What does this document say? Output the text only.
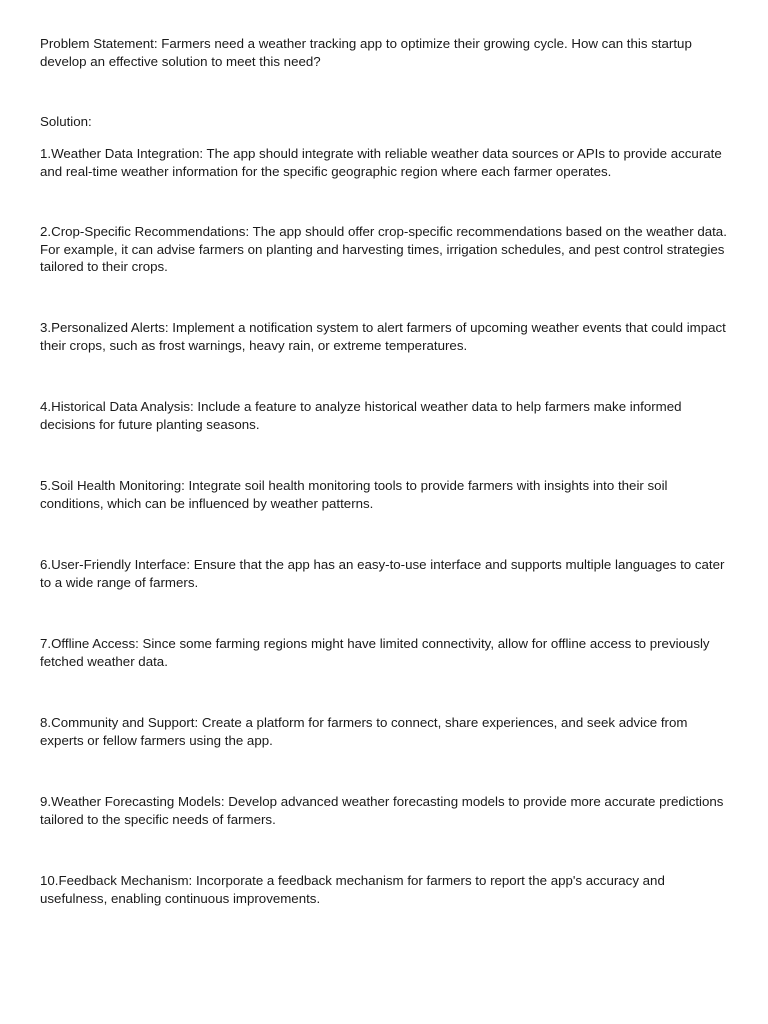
Problem Statement: Farmers need a weather tracking app to optimize their growing cycle. How can this startup develop an effective solution to meet this need?

Solution:

1.Weather Data Integration: The app should integrate with reliable weather data sources or APIs to provide accurate and real-time weather information for the specific geographic region where each farmer operates.

2.Crop-Specific Recommendations: The app should offer crop-specific recommendations based on the weather data. For example, it can advise farmers on planting and harvesting times, irrigation schedules, and pest control strategies tailored to their crops.

3.Personalized Alerts: Implement a notification system to alert farmers of upcoming weather events that could impact their crops, such as frost warnings, heavy rain, or extreme temperatures.

4.Historical Data Analysis: Include a feature to analyze historical weather data to help farmers make informed decisions for future planting seasons.

5.Soil Health Monitoring: Integrate soil health monitoring tools to provide farmers with insights into their soil conditions, which can be influenced by weather patterns.

6.User-Friendly Interface: Ensure that the app has an easy-to-use interface and supports multiple languages to cater to a wide range of farmers.

7.Offline Access: Since some farming regions might have limited connectivity, allow for offline access to previously fetched weather data.

8.Community and Support: Create a platform for farmers to connect, share experiences, and seek advice from experts or fellow farmers using the app.

9.Weather Forecasting Models: Develop advanced weather forecasting models to provide more accurate predictions tailored to the specific needs of farmers.

10.Feedback Mechanism: Incorporate a feedback mechanism for farmers to report the app's accuracy and usefulness, enabling continuous improvements.
